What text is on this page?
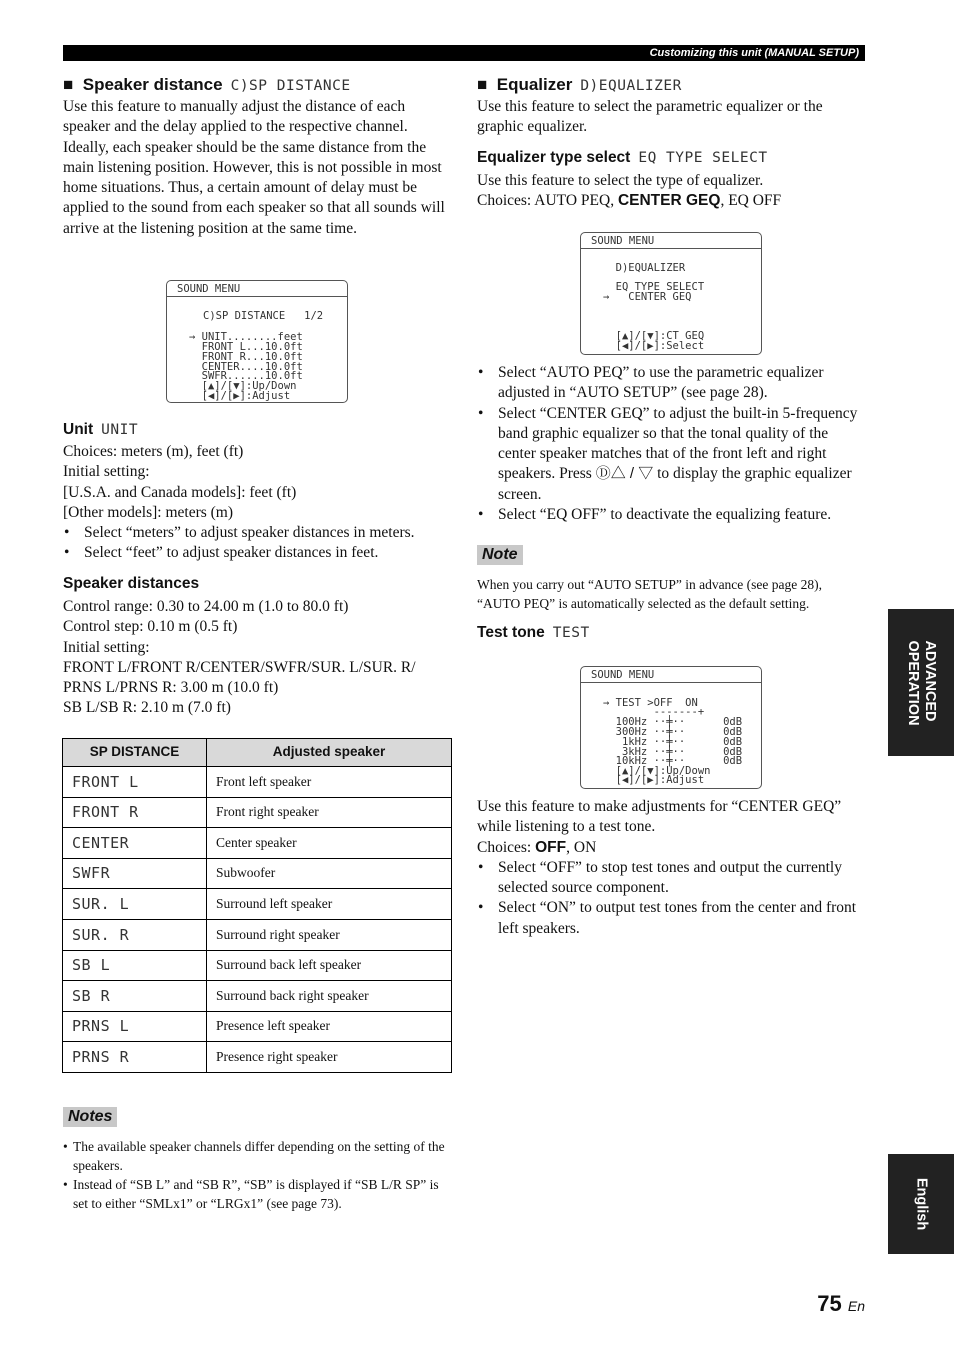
Customizing this unit (MANUAL SETUP)
■ Speaker distance C)SP DISTANCE

Use this feature to manually adjust the distance of each speaker and the delay applied to the respective channel. Ideally, each speaker should be the same distance from the main listening position. However, this is not possible in most home situations. Thus, a certain amount of delay must be applied to the sound from each speaker so that all sounds will arrive at the listening position at the same time.

SOUND MENU
C)SP DISTANCE   1/2
→ UNIT........feet
FRONT L...10.0ft
FRONT R...10.0ft
CENTER....10.0ft
SWFR......10.0ft
[▲]/[▼]:Up/Down
[◀]/[▶]:Adjust
Unit UNIT

Choices: meters (m), feet (ft)

Initial setting:

[U.S.A. and Canada models]: feet (ft)

[Other models]: meters (m)

• Select “meters” to adjust speaker distances in meters.
• Select “feet” to adjust speaker distances in feet.
Speaker distances

Control range: 0.30 to 24.00 m (1.0 to 80.0 ft)

Control step: 0.10 m (0.5 ft)

Initial setting:

FRONT L/FRONT R/CENTER/SWFR/SUR. L/SUR. R/

PRNS L/PRNS R: 3.00 m (10.0 ft)

SB L/SB R: 2.10 m (7.0 ft)

SP DISTANCE	Adjusted speaker
FRONT L	Front left speaker
FRONT R	Front right speaker
CENTER	Center speaker
SWFR	Subwoofer
SUR. L	Surround left speaker
SUR. R	Surround right speaker
SB L	Surround back left speaker
SB R	Surround back right speaker
PRNS L	Presence left speaker
PRNS R	Presence right speaker
Notes
• The available speaker channels differ depending on the setting of the speakers.
• Instead of “SB L” and “SB R”, “SB” is displayed if “SB L/R SP” is set to either “SMLx1” or “LRGx1” (see page 73).
■ Equalizer D)EQUALIZER

Use this feature to select the parametric equalizer or the graphic equalizer.

Equalizer type select EQ TYPE SELECT

Use this feature to select the type of equalizer.

Choices: AUTO PEQ, CENTER GEQ, EQ OFF

SOUND MENU
D)EQUALIZER
EQ TYPE SELECT
→   CENTER GEQ
[▲]/[▼]:CT GEQ
[◀]/[▶]:Select
• Select “AUTO PEQ” to use the parametric equalizer adjusted in “AUTO SETUP” (see page 28).
• Select “CENTER GEQ” to adjust the built-in 5-frequency band graphic equalizer so that the tonal quality of the center speaker matches that of the front left and right speakers. Press Ⓓ△ / ▽ to display the graphic equalizer screen.
• Select “EQ OFF” to deactivate the equalizing feature.
Note
When you carry out “AUTO SETUP” in advance (see page 28), “AUTO PEQ” is automatically selected as the default setting.
Test tone TEST
SOUND MENU
→ TEST >OFF  ON
-------+
100Hz ··╪··      0dB
300Hz ··╪··      0dB
1kHz ··╪··      0dB
3kHz ··╪··      0dB
10kHz ··╪··      0dB
[▲]/[▼]:Up/Down
[◀]/[▶]:Adjust

Use this feature to make adjustments for “CENTER GEQ” while listening to a test tone.

Choices: OFF, ON

• Select “OFF” to stop test tones and output the currently selected source component.
• Select “ON” to output test tones from the center and front left speakers.
ADVANCED
OPERATION
English
75 En
